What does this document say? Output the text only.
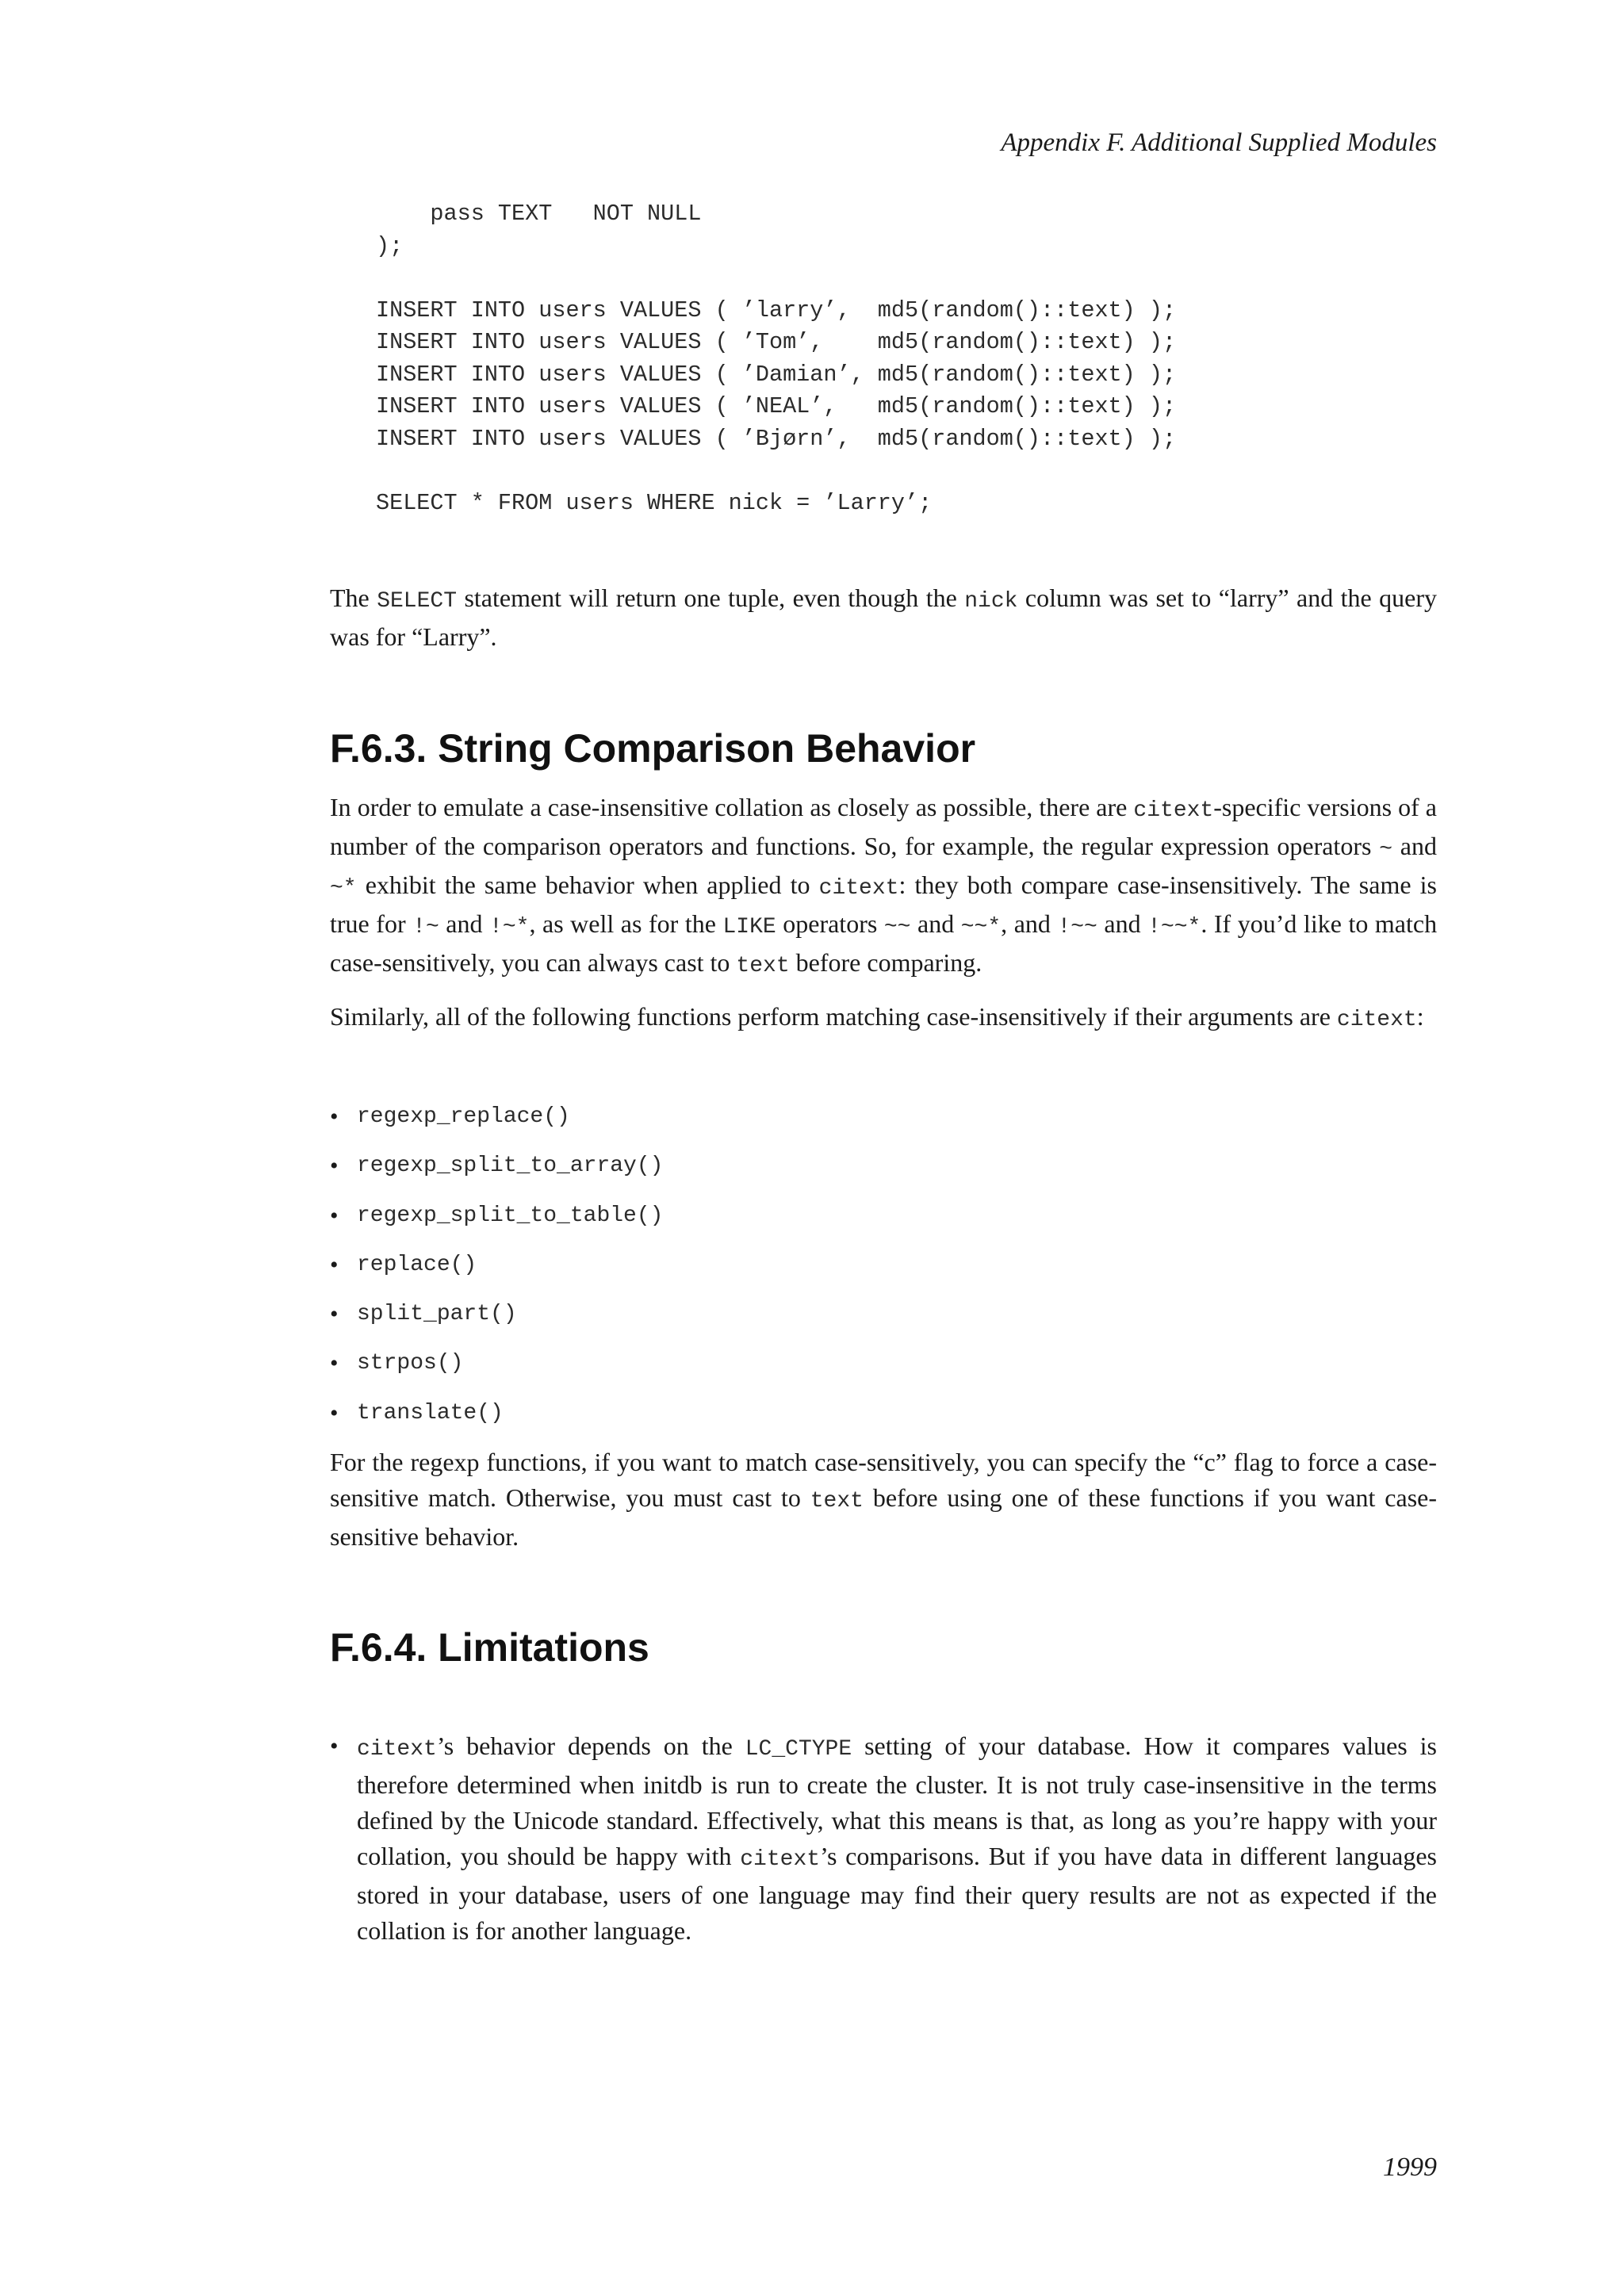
Appendix F. Additional Supplied Modules
pass TEXT   NOT NULL
);
INSERT INTO users VALUES ( ’larry’,  md5(random()::text) );
INSERT INTO users VALUES ( ’Tom’,    md5(random()::text) );
INSERT INTO users VALUES ( ’Damian’, md5(random()::text) );
INSERT INTO users VALUES ( ’NEAL’,   md5(random()::text) );
INSERT INTO users VALUES ( ’Bjørn’,  md5(random()::text) );
SELECT * FROM users WHERE nick = ’Larry’;

The SELECT statement will return one tuple, even though the nick column was set to “larry” and the query was for “Larry”.

F.6.3. String Comparison Behavior

In order to emulate a case-insensitive collation as closely as possible, there are citext-specific versions of a number of the comparison operators and functions. So, for example, the regular expression operators ~ and ~* exhibit the same behavior when applied to citext: they both compare case-insensitively. The same is true for !~ and !~*, as well as for the LIKE operators ~~ and ~~*, and !~~ and !~~*. If you’d like to match case-sensitively, you can always cast to text before comparing.

Similarly, all of the following functions perform matching case-insensitively if their arguments are citext:

• regexp_replace()
• regexp_split_to_array()
• regexp_split_to_table()
• replace()
• split_part()
• strpos()
• translate()

For the regexp functions, if you want to match case-sensitively, you can specify the “c” flag to force a case-sensitive match. Otherwise, you must cast to text before using one of these functions if you want case-sensitive behavior.

F.6.4. Limitations

• citext’s behavior depends on the LC_CTYPE setting of your database. How it compares values is therefore determined when initdb is run to create the cluster. It is not truly case-insensitive in the terms defined by the Unicode standard. Effectively, what this means is that, as long as you’re happy with your collation, you should be happy with citext’s comparisons. But if you have data in different languages stored in your database, users of one language may find their query results are not as expected if the collation is for another language.

1999
